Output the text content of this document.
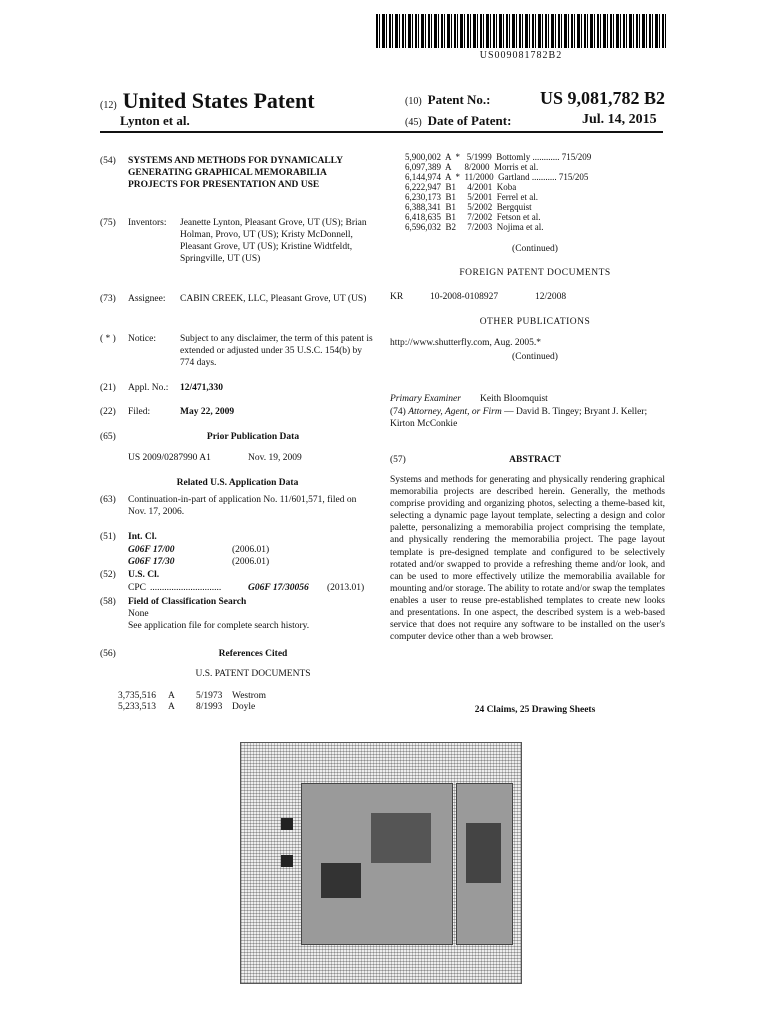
US009081782B2
(12) United States Patent
Lynton et al.
(10) Patent No.:	US 9,081,782 B2
(45) Date of Patent:	Jul. 14, 2015
(54) SYSTEMS AND METHODS FOR DYNAMICALLY GENERATING GRAPHICAL MEMORABILIA PROJECTS FOR PRESENTATION AND USE
(75) Inventors: Jeanette Lynton, Pleasant Grove, UT (US); Brian Holman, Provo, UT (US); Kristy McDonnell, Pleasant Grove, UT (US); Kristine Widtfeldt, Springville, UT (US)
(73) Assignee: CABIN CREEK, LLC, Pleasant Grove, UT (US)
( * ) Notice:	Subject to any disclaimer, the term of this patent is extended or adjusted under 35 U.S.C. 154(b) by 774 days.
(21) Appl. No.: 12/471,330
(22) Filed:	May 22, 2009
(65)	Prior Publication Data
US 2009/0287990 A1	Nov. 19, 2009
Related U.S. Application Data
(63) Continuation-in-part of application No. 11/601,571, filed on Nov. 17, 2006.
(51) Int. Cl.
G06F 17/00	(2006.01)
G06F 17/30	(2006.01)
(52) U.S. Cl.
CPC ..............................	G06F 17/30056 (2013.01)
(58) Field of Classification Search
None
See application file for complete search history.
(56)	References Cited
U.S. PATENT DOCUMENTS
3,735,516 A 5/1973 Westrom
5,233,513 A 8/1993 Doyle
5,900,002  A  *   5/1999  Bottomly ............ 715/209
6,097,389  A      8/2000  Morris et al.
6,144,974  A  *  11/2000  Gartland ........... 715/205
6,222,947  B1     4/2001  Koba
6,230,173  B1     5/2001  Ferrel et al.
6,388,341  B1     5/2002  Bergquist
6,418,635  B1     7/2002  Fetson et al.
6,596,032  B2     7/2003  Nojima et al.
(Continued)
FOREIGN PATENT DOCUMENTS
KR	10-2008-0108927	12/2008
OTHER PUBLICATIONS
http://www.shutterfly.com, Aug. 2005.*
(Continued)
Primary Examiner Keith Bloomquist
(74) Attorney, Agent, or Firm — David B. Tingey; Bryant J. Keller; Kirton McConkie
(57)	ABSTRACT
Systems and methods for generating and physically rendering graphical memorabilia projects are described herein. Generally, the methods comprise providing and organizing photos, selecting a theme-based kit, selecting a dynamic page layout template, selecting a design and color palette, personalizing a memorabilia project comprising the template, and physically rendering the memorabilia project. The page layout template is pre-designed template and configured to be selectively rotated and/or swapped to provide a refreshing theme and/or look, and can be used to more effectively utilize the memorabilia available for mounting and/or storage. The ability to rotate and/or swap the templates enables a user to reuse pre-established templates to create new looks and presentations. In one aspect, the described system is a web-based service that does not require any software to be installed on the user's computer device other than a web browser.
24 Claims, 25 Drawing Sheets
